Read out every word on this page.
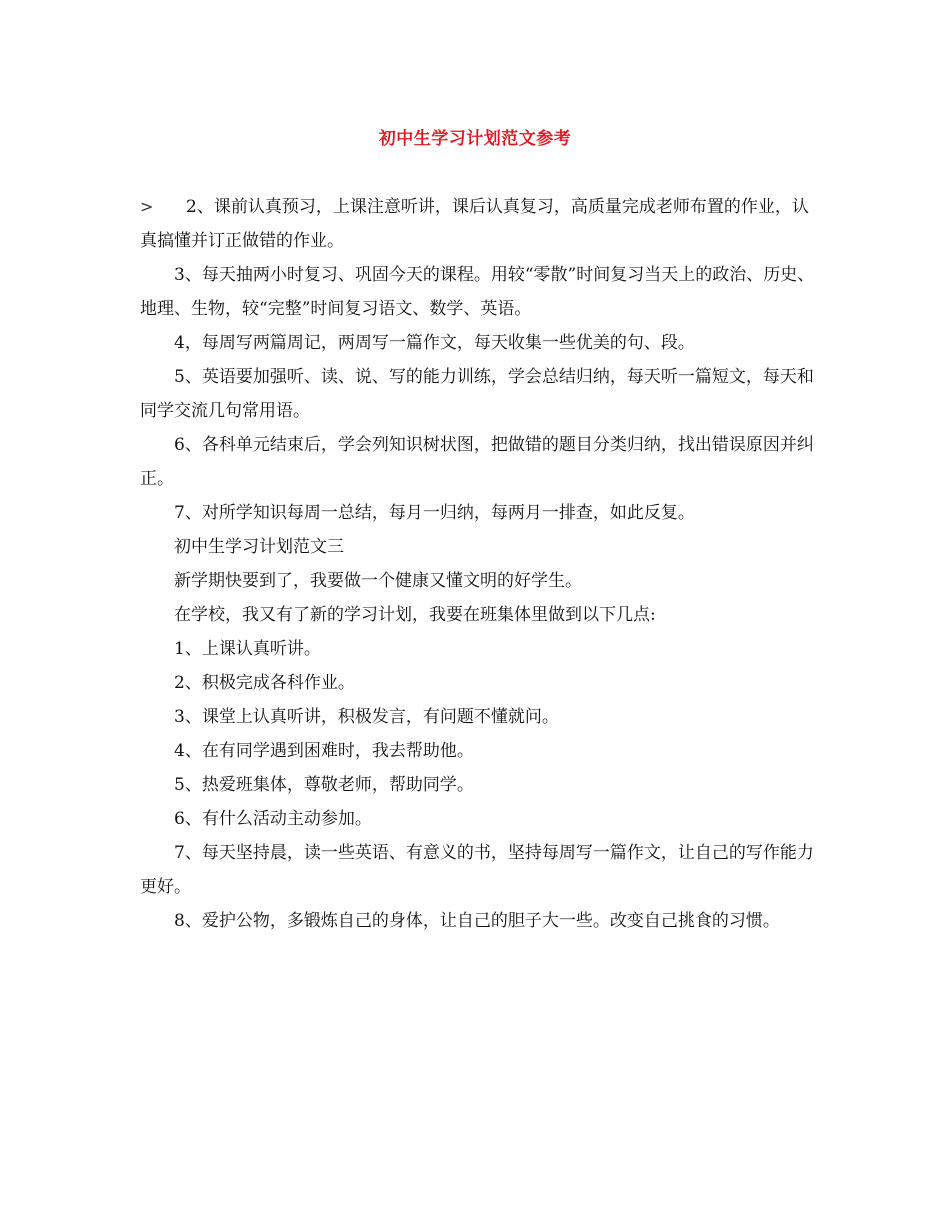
初中生学习计划范文参考

> 2、课前认真预习，上课注意听讲，课后认真复习，高质量完成老师布置的作业，认真搞懂并订正做错的作业。

3、每天抽两小时复习、巩固今天的课程。用较“零散”时间复习当天上的政治、历史、地理、生物，较“完整”时间复习语文、数学、英语。

4，每周写两篇周记，两周写一篇作文，每天收集一些优美的句、段。

5、英语要加强听、读、说、写的能力训练，学会总结归纳，每天听一篇短文，每天和同学交流几句常用语。

6、各科单元结束后，学会列知识树状图，把做错的题目分类归纳，找出错误原因并纠正。

7、对所学知识每周一总结，每月一归纳，每两月一排查，如此反复。

初中生学习计划范文三

新学期快要到了，我要做一个健康又懂文明的好学生。

在学校，我又有了新的学习计划，我要在班集体里做到以下几点:

1、上课认真听讲。

2、积极完成各科作业。

3、课堂上认真听讲，积极发言，有问题不懂就问。

4、在有同学遇到困难时，我去帮助他。

5、热爱班集体，尊敬老师，帮助同学。

6、有什么活动主动参加。

7、每天坚持晨，读一些英语、有意义的书，坚持每周写一篇作文，让自己的写作能力更好。

8、爱护公物，多锻炼自己的身体，让自己的胆子大一些。改变自己挑食的习惯。
